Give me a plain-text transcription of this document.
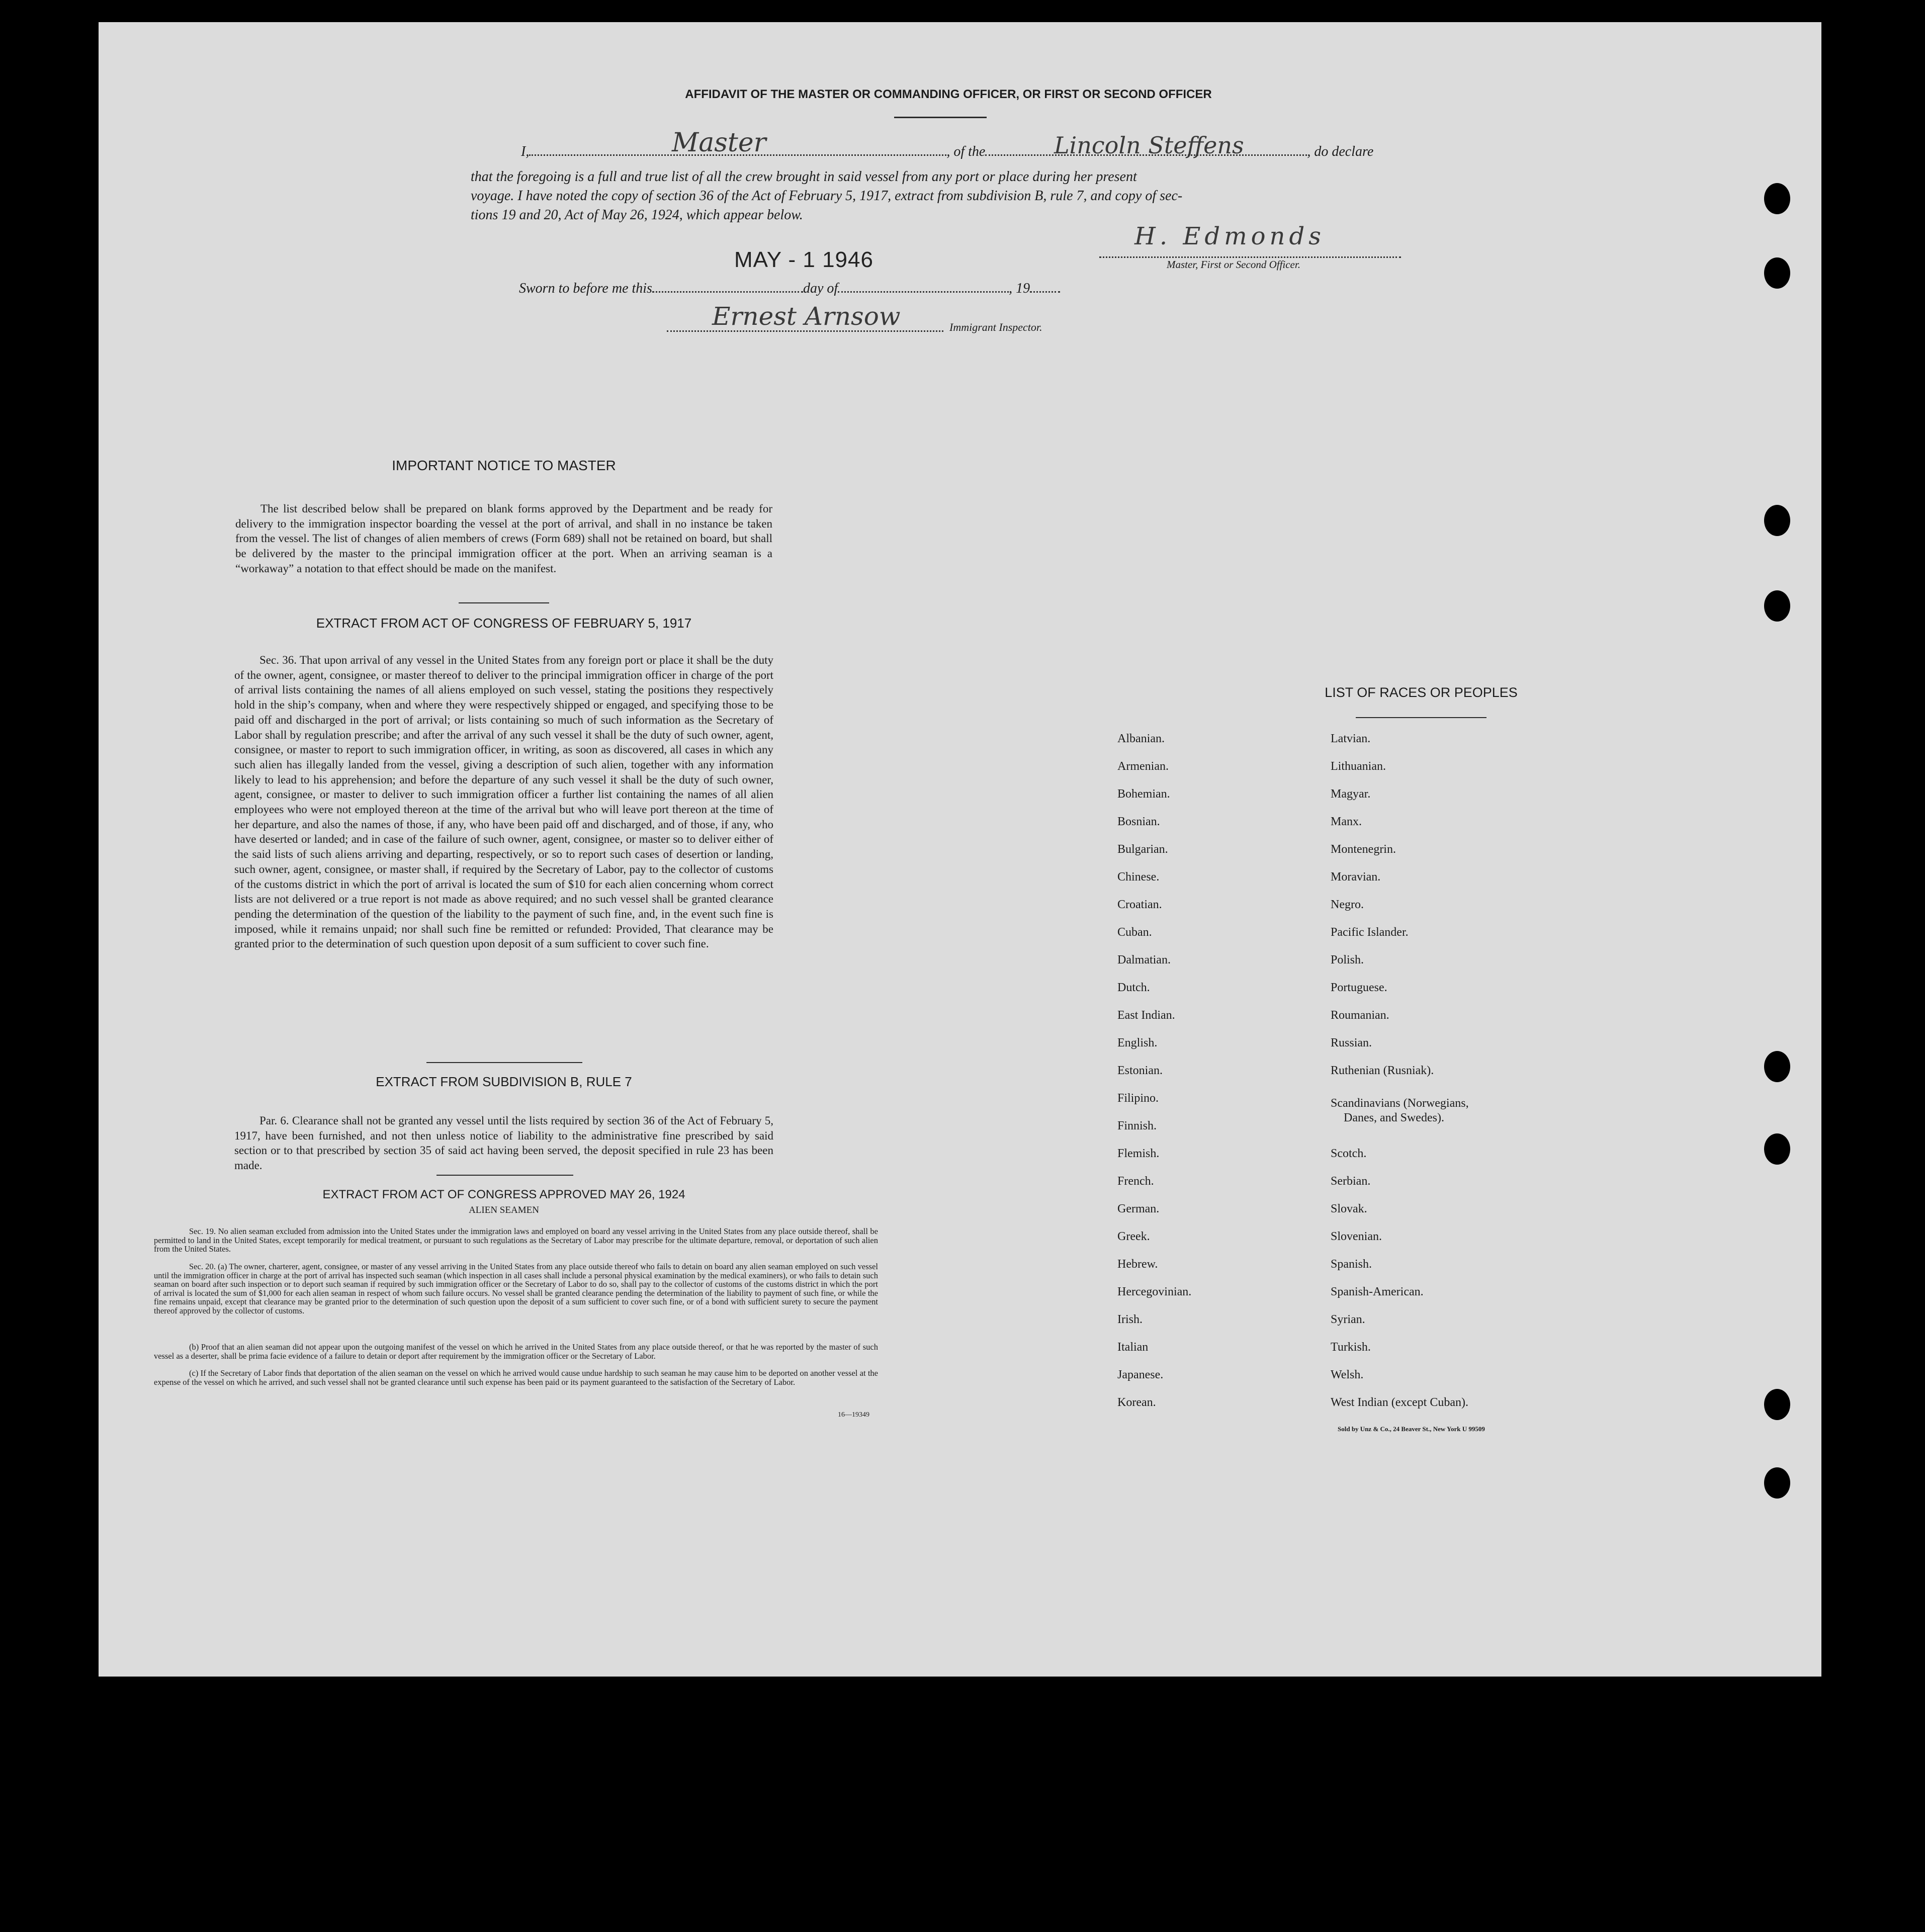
AFFIDAVIT OF THE MASTER OR COMMANDING OFFICER, OR FIRST OR SECOND OFFICER
I,	, of the	, do declare
Master	Lincoln Steffens
that the foregoing is a full and true list of all the crew brought in said vessel from any port or place during her present
voyage. I have noted the copy of section 36 of the Act of February 5, 1917, extract from subdivision B, rule 7, and copy of sec-
tions 19 and 20, Act of May 26, 1924, which appear below.
H. Edmonds
Master, First or Second Officer.
MAY - 1 1946
Sworn to before me this	day of	, 19
Ernest Arnsow	Immigrant Inspector.
IMPORTANT NOTICE TO MASTER
The list described below shall be prepared on blank forms approved by the Department and be ready for delivery to the immigration inspector boarding the vessel at the port of arrival, and shall in no instance be taken from the vessel. The list of changes of alien members of crews (Form 689) shall not be retained on board, but shall be delivered by the master to the principal immigration officer at the port. When an arriving seaman is a “workaway” a notation to that effect should be made on the manifest.
EXTRACT FROM ACT OF CONGRESS OF FEBRUARY 5, 1917
Sec. 36. That upon arrival of any vessel in the United States from any foreign port or place it shall be the duty of the owner, agent, consignee, or master thereof to deliver to the principal immigration officer in charge of the port of arrival lists containing the names of all aliens employed on such vessel, stating the positions they respectively hold in the ship’s company, when and where they were respectively shipped or engaged, and specifying those to be paid off and discharged in the port of arrival; or lists containing so much of such information as the Secretary of Labor shall by regulation prescribe; and after the arrival of any such vessel it shall be the duty of such owner, agent, consignee, or master to report to such immigration officer, in writing, as soon as discovered, all cases in which any such alien has illegally landed from the vessel, giving a description of such alien, together with any information likely to lead to his apprehension; and before the departure of any such vessel it shall be the duty of such owner, agent, consignee, or master to deliver to such immigration officer a further list containing the names of all alien employees who were not employed thereon at the time of the arrival but who will leave port thereon at the time of her departure, and also the names of those, if any, who have been paid off and discharged, and of those, if any, who have deserted or landed; and in case of the failure of such owner, agent, consignee, or master so to deliver either of the said lists of such aliens arriving and departing, respectively, or so to report such cases of desertion or landing, such owner, agent, consignee, or master shall, if required by the Secretary of Labor, pay to the collector of customs of the customs district in which the port of arrival is located the sum of $10 for each alien concerning whom correct lists are not delivered or a true report is not made as above required; and no such vessel shall be granted clearance pending the determination of the question of the liability to the payment of such fine, and, in the event such fine is imposed, while it remains unpaid; nor shall such fine be remitted or refunded: Provided, That clearance may be granted prior to the determination of such question upon deposit of a sum sufficient to cover such fine.
EXTRACT FROM SUBDIVISION B, RULE 7
Par. 6. Clearance shall not be granted any vessel until the lists required by section 36 of the Act of February 5, 1917, have been furnished, and not then unless notice of liability to the administrative fine prescribed by said section or to that prescribed by section 35 of said act having been served, the deposit specified in rule 23 has been made.
EXTRACT FROM ACT OF CONGRESS APPROVED MAY 26, 1924
ALIEN SEAMEN
Sec. 19. No alien seaman excluded from admission into the United States under the immigration laws and employed on board any vessel arriving in the United States from any place outside thereof, shall be permitted to land in the United States, except temporarily for medical treatment, or pursuant to such regulations as the Secretary of Labor may prescribe for the ultimate departure, removal, or deportation of such alien from the United States.
Sec. 20. (a) The owner, charterer, agent, consignee, or master of any vessel arriving in the United States from any place outside thereof who fails to detain on board any alien seaman employed on such vessel until the immigration officer in charge at the port of arrival has inspected such seaman (which inspection in all cases shall include a personal physical examination by the medical examiners), or who fails to detain such seaman on board after such inspection or to deport such seaman if required by such immigration officer or the Secretary of Labor to do so, shall pay to the collector of customs of the customs district in which the port of arrival is located the sum of $1,000 for each alien seaman in respect of whom such failure occurs. No vessel shall be granted clearance pending the determination of the liability to payment of such fine, or while the fine remains unpaid, except that clearance may be granted prior to the determination of such question upon the deposit of a sum sufficient to cover such fine, or of a bond with sufficient surety to secure the payment thereof approved by the collector of customs.
(b) Proof that an alien seaman did not appear upon the outgoing manifest of the vessel on which he arrived in the United States from any place outside thereof, or that he was reported by the master of such vessel as a deserter, shall be prima facie evidence of a failure to detain or deport after requirement by the immigration officer or the Secretary of Labor.
(c) If the Secretary of Labor finds that deportation of the alien seaman on the vessel on which he arrived would cause undue hardship to such seaman he may cause him to be deported on another vessel at the expense of the vessel on which he arrived, and such vessel shall not be granted clearance until such expense has been paid or its payment guaranteed to the satisfaction of the Secretary of Labor.
16—19349
LIST OF RACES OR PEOPLES
Albanian.
Armenian.
Bohemian.
Bosnian.
Bulgarian.
Chinese.
Croatian.
Cuban.
Dalmatian.
Dutch.
East Indian.
English.
Estonian.
Filipino.
Finnish.
Flemish.
French.
German.
Greek.
Hebrew.
Hercegovinian.
Irish.
Italian
Japanese.
Korean.
Latvian.
Lithuanian.
Magyar.
Manx.
Montenegrin.
Moravian.
Negro.
Pacific Islander.
Polish.
Portuguese.
Roumanian.
Russian.
Ruthenian (Rusniak).
Scandinavians (Norwegians,
Danes, and Swedes).
Scotch.
Serbian.
Slovak.
Slovenian.
Spanish.
Spanish-American.
Syrian.
Turkish.
Welsh.
West Indian (except Cuban).
Sold by Unz & Co., 24 Beaver St., New York U 99509
